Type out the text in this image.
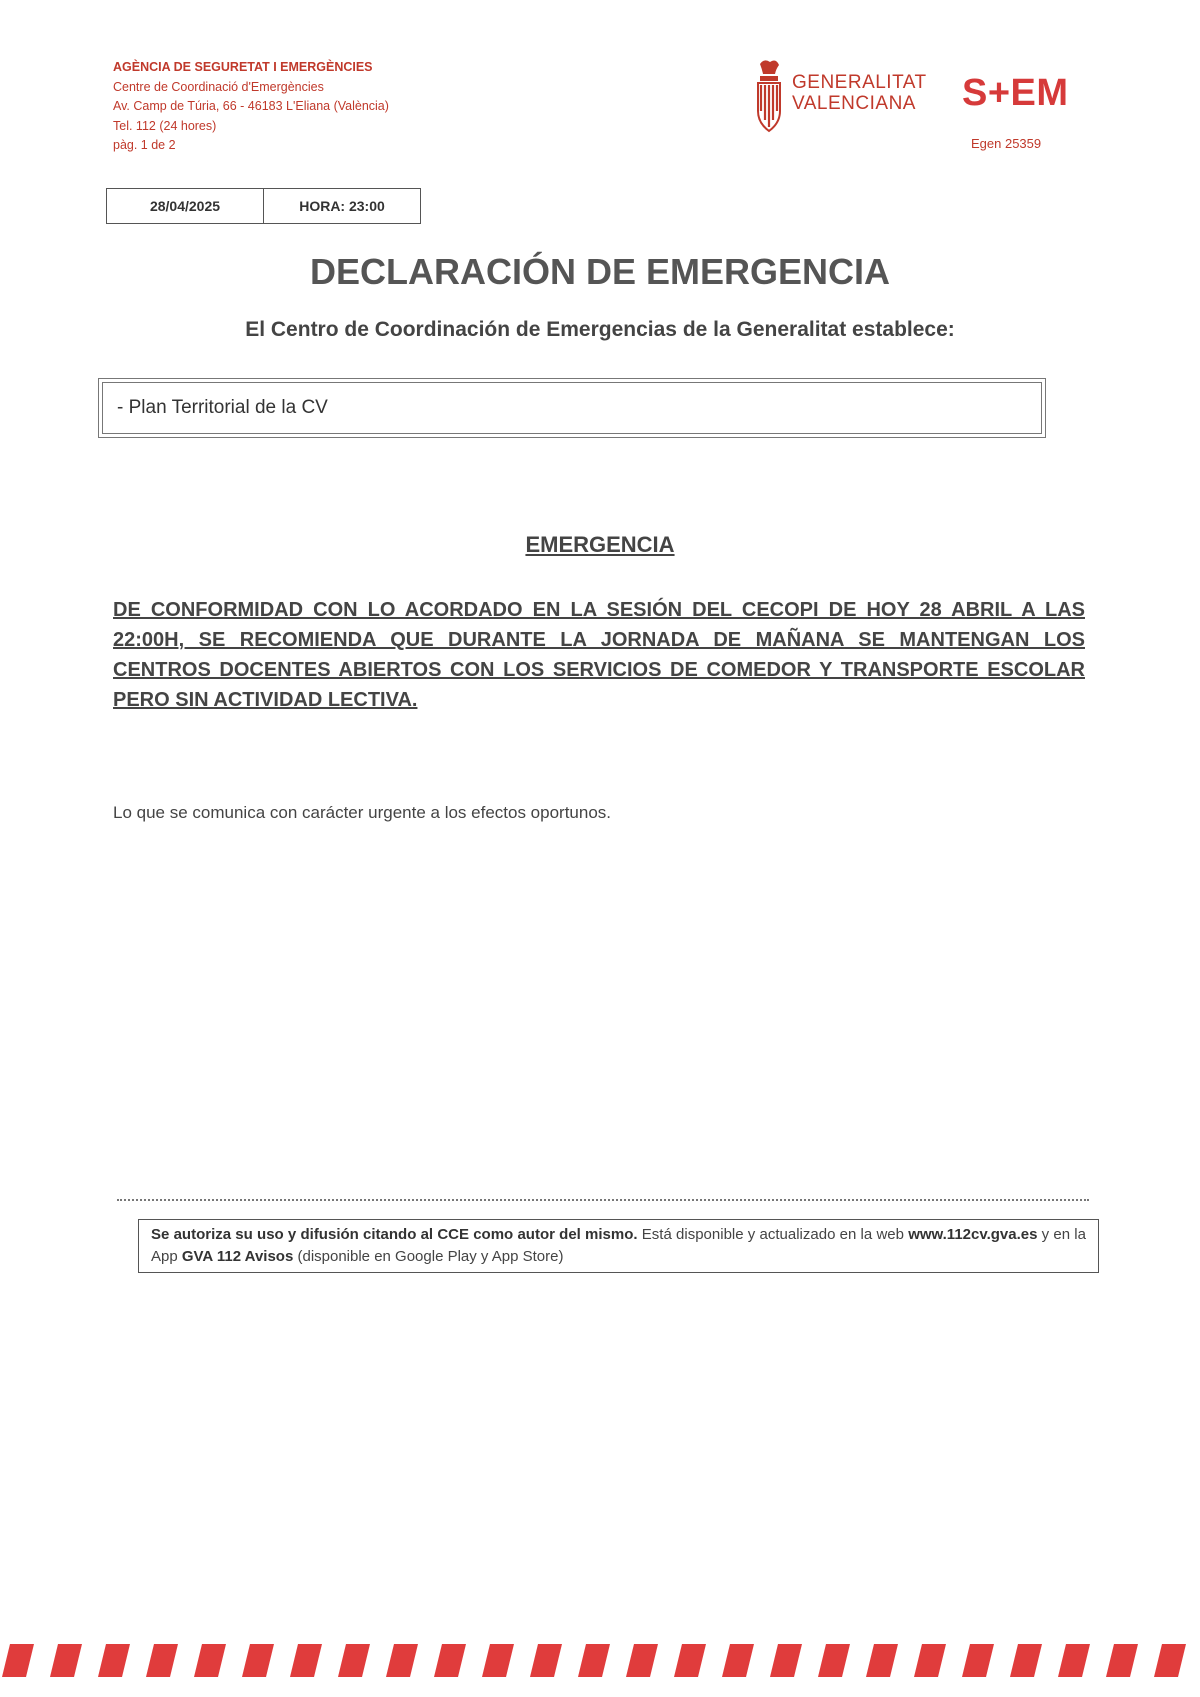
AGÈNCIA DE SEGURETAT I EMERGÈNCIES
Centre de Coordinació d'Emergències
Av. Camp de Túria, 66 - 46183 L'Eliana (València)
Tel. 112 (24 hores)
pàg. 1 de 2
GENERALITAT
VALENCIANA S+EM
Egen 25359
28/04/2025	HORA: 23:00
DECLARACIÓN DE EMERGENCIA
El Centro de Coordinación de Emergencias de la Generalitat establece:
- Plan Territorial de la CV
EMERGENCIA
DE CONFORMIDAD CON LO ACORDADO EN LA SESIÓN DEL CECOPI DE HOY 28 ABRIL A LAS 22:00H, SE RECOMIENDA QUE DURANTE LA JORNADA DE MAÑANA SE MANTENGAN LOS CENTROS DOCENTES ABIERTOS CON LOS SERVICIOS DE COMEDOR Y TRANSPORTE ESCOLAR PERO SIN ACTIVIDAD LECTIVA.
Lo que se comunica con carácter urgente a los efectos oportunos.
Se autoriza su uso y difusión citando al CCE como autor del mismo. Está disponible y actualizado en la web www.112cv.gva.es y en la App GVA 112 Avisos (disponible en Google Play y App Store)
